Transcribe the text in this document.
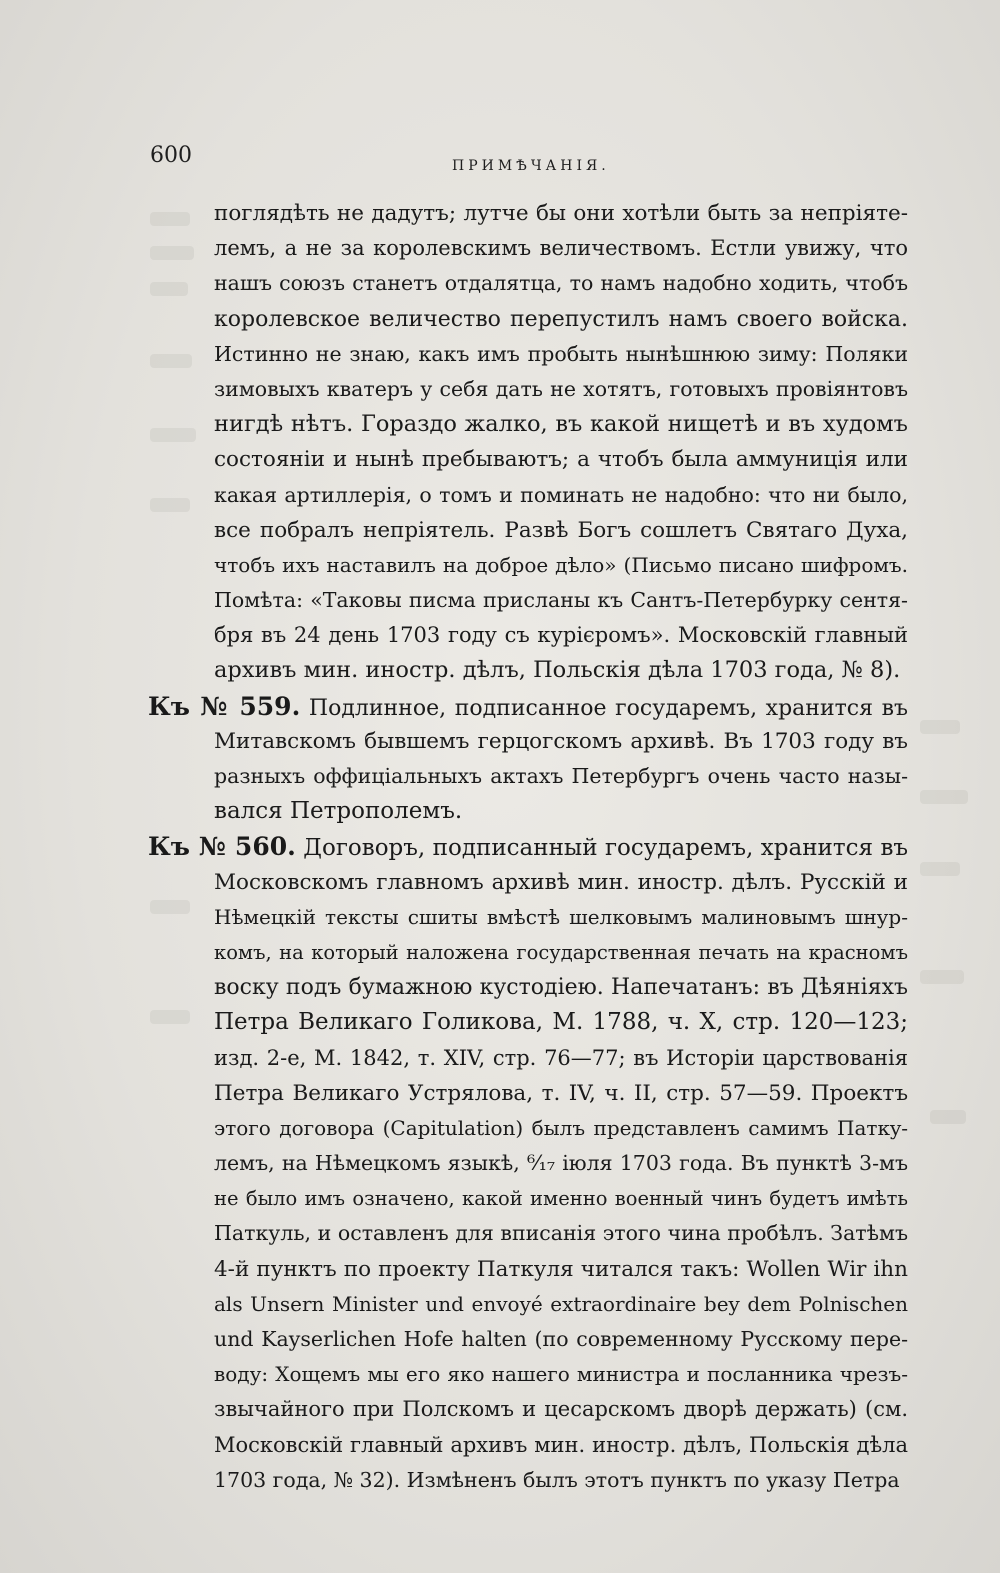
600	ПРИМѢЧАНІЯ.
поглядѣть не дадутъ; лутче бы они хотѣли быть за непріяте-
лемъ, а не за королевскимъ величествомъ. Естли увижу, что
нашъ союзъ станетъ отдалятца, то намъ надобно ходить, чтобъ
королевское величество перепустилъ намъ своего войска.
Истинно не знаю, какъ имъ пробыть нынѣшнюю зиму: Поляки
зимовыхъ кватеръ у себя дать не хотятъ, готовыхъ провіянтовъ
нигдѣ нѣтъ. Гораздо жалко, въ какой нищетѣ и въ худомъ
состояніи и нынѣ пребываютъ; а чтобъ была аммуниція или
какая артиллерія, о томъ и поминать не надобно: что ни было,
все побралъ непріятель. Развѣ Богъ сошлетъ Святаго Духа,
чтобъ ихъ наставилъ на доброе дѣло» (Письмо писано шифромъ.
Помѣта: «Таковы писма присланы къ Сантъ-Петербурку сентя-
бря въ 24 день 1703 году съ курієромъ». Московскій главный
архивъ мин. иностр. дѣлъ, Польскія дѣла 1703 года, № 8).
Къ № 559. Подлинное, подписанное государемъ, хранится въ
Митавскомъ бывшемъ герцогскомъ архивѣ. Въ 1703 году въ
разныхъ оффиціальныхъ актахъ Петербургъ очень часто назы-
вался Петрополемъ.
Къ № 560. Договоръ, подписанный государемъ, хранится въ
Московскомъ главномъ архивѣ мин. иностр. дѣлъ. Русскій и
Нѣмецкій тексты сшиты вмѣстѣ шелковымъ малиновымъ шнур-
комъ, на который наложена государственная печать на красномъ
воску подъ бумажною кустодіею. Напечатанъ: въ Дѣяніяхъ
Петра Великаго Голикова, М. 1788, ч. X, стр. 120—123;
изд. 2-е, М. 1842, т. XIV, стр. 76—77; въ Исторіи царствованія
Петра Великаго Устрялова, т. IV, ч. II, стр. 57—59. Проектъ
этого договора (Capitulation) былъ представленъ самимъ Паткy-
лемъ, на Нѣмецкомъ языкѣ, ⁶⁄₁₇ іюля 1703 года. Въ пунктѣ 3-мъ
не было имъ означено, какой именно военный чинъ будетъ имѣть
Паткуль, и оставленъ для вписанія этого чина пробѣлъ. Затѣмъ
4-й пунктъ по проекту Паткуля читался такъ: Wollen Wir ihn
als Unsern Minister und envoyé extraordinaire bey dem Polnischen
und Kayserlichen Hofe halten (по современному Русскому пере-
воду: Хощемъ мы его яко нашего министра и посланника чрезъ-
звычайного при Полскомъ и цесарскомъ дворѣ держать) (см.
Московскій главный архивъ мин. иностр. дѣлъ, Польскія дѣла
1703 года, № 32). Измѣненъ былъ этотъ пунктъ по указу Петра
